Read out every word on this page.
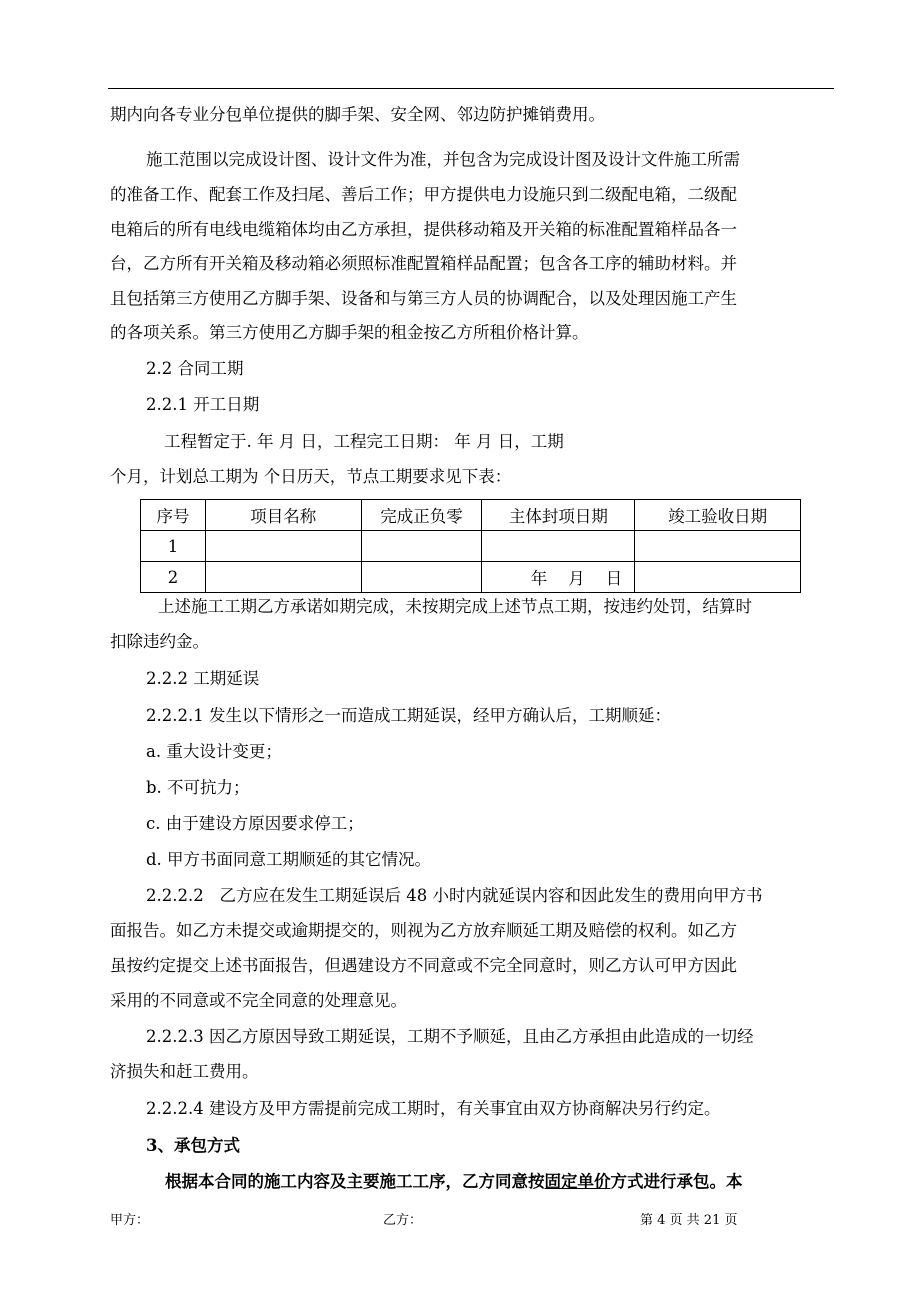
期内向各专业分包单位提供的脚手架、安全网、邻边防护摊销费用。
施工范围以完成设计图、设计文件为准，并包含为完成设计图及设计文件施工所需
的准备工作、配套工作及扫尾、善后工作；甲方提供电力设施只到二级配电箱，二级配
电箱后的所有电线电缆箱体均由乙方承担，提供移动箱及开关箱的标准配置箱样品各一
台，乙方所有开关箱及移动箱必须照标准配置箱样品配置；包含各工序的辅助材料。并
且包括第三方使用乙方脚手架、设备和与第三方人员的协调配合，以及处理因施工产生
的各项关系。第三方使用乙方脚手架的租金按乙方所租价格计算。
2.2 合同工期
2.2.1 开工日期
工程暂定于. 年 月 日，工程完工日期： 年 月 日，工期
个月，计划总工期为 个日历天，节点工期要求见下表：
序号	项目名称	完成正负零	主体封项日期	竣工验收日期
1				
2			年    月    日	
上述施工工期乙方承诺如期完成，未按期完成上述节点工期，按违约处罚，结算时
扣除违约金。
2.2.2 工期延误
2.2.2.1 发生以下情形之一而造成工期延误，经甲方确认后，工期顺延：
a. 重大设计变更；
b. 不可抗力；
c. 由于建设方原因要求停工；
d. 甲方书面同意工期顺延的其它情况。
2.2.2.2   乙方应在发生工期延误后 48 小时内就延误内容和因此发生的费用向甲方书
面报告。如乙方未提交或逾期提交的，则视为乙方放弃顺延工期及赔偿的权利。如乙方
虽按约定提交上述书面报告，但遇建设方不同意或不完全同意时，则乙方认可甲方因此
采用的不同意或不完全同意的处理意见。
2.2.2.3 因乙方原因导致工期延误，工期不予顺延，且由乙方承担由此造成的一切经
济损失和赶工费用。
2.2.2.4 建设方及甲方需提前完成工期时，有关事宜由双方协商解决另行约定。
3、承包方式
根据本合同的施工内容及主要施工工序，乙方同意按固定单价方式进行承包。本
甲方：	乙方：	第 4 页 共 21 页
